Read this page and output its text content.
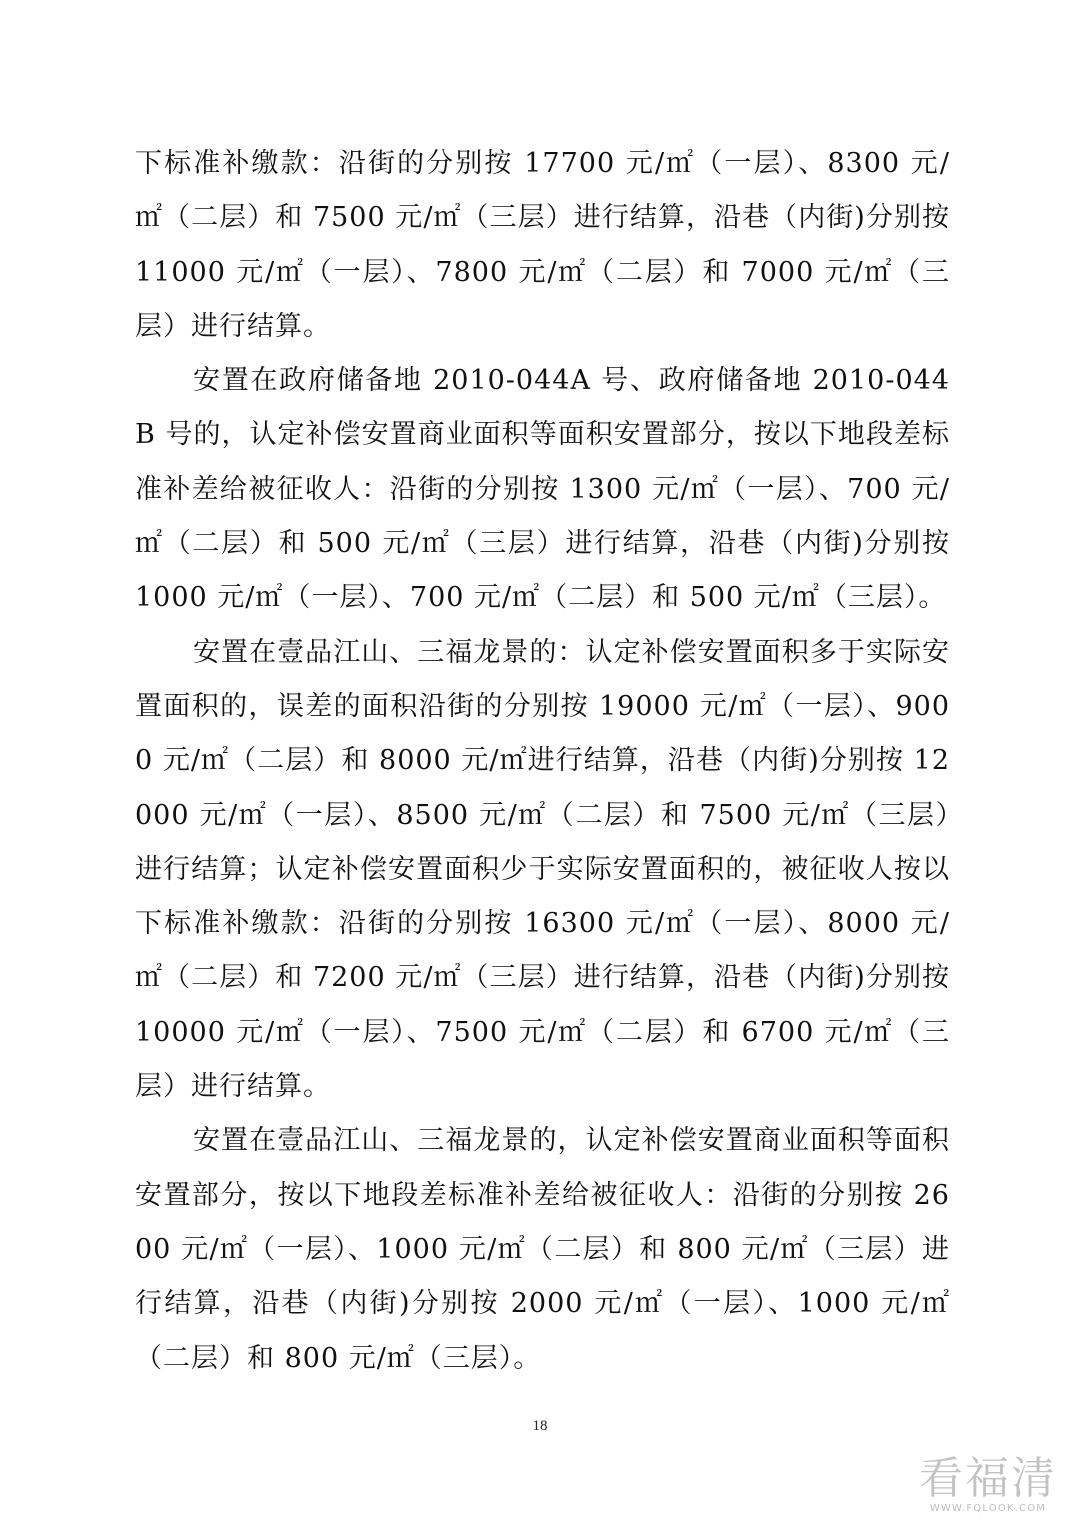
下标准补缴款：沿街的分别按 17700 元/㎡（一层）、8300 元/㎡（二层）和 7500 元/㎡（三层）进行结算，沿巷（内街)分别按 11000 元/㎡（一层）、7800 元/㎡（二层）和 7000 元/㎡（三层）进行结算。

安置在政府储备地 2010-044A 号、政府储备地 2010-044B 号的，认定补偿安置商业面积等面积安置部分，按以下地段差标准补差给被征收人：沿街的分别按 1300 元/㎡（一层）、700 元/㎡（二层）和 500 元/㎡（三层）进行结算，沿巷（内街)分别按 1000 元/㎡（一层）、700 元/㎡（二层）和 500 元/㎡（三层）。

安置在壹品江山、三福龙景的：认定补偿安置面积多于实际安置面积的，误差的面积沿街的分别按 19000 元/㎡（一层）、9000 元/㎡（二层）和 8000 元/㎡进行结算，沿巷（内街)分别按 12000 元/㎡（一层）、8500 元/㎡（二层）和 7500 元/㎡（三层）进行结算；认定补偿安置面积少于实际安置面积的，被征收人按以下标准补缴款：沿街的分别按 16300 元/㎡（一层）、8000 元/㎡（二层）和 7200 元/㎡（三层）进行结算，沿巷（内街)分别按 10000 元/㎡（一层）、7500 元/㎡（二层）和 6700 元/㎡（三层）进行结算。

安置在壹品江山、三福龙景的，认定补偿安置商业面积等面积安置部分，按以下地段差标准补差给被征收人：沿街的分别按 2600 元/㎡（一层）、1000 元/㎡（二层）和 800 元/㎡（三层）进行结算，沿巷（内街)分别按 2000 元/㎡（一层）、1000 元/㎡（二层）和 800 元/㎡（三层）。

18
看福清
WWW.FQLOOK.COM
